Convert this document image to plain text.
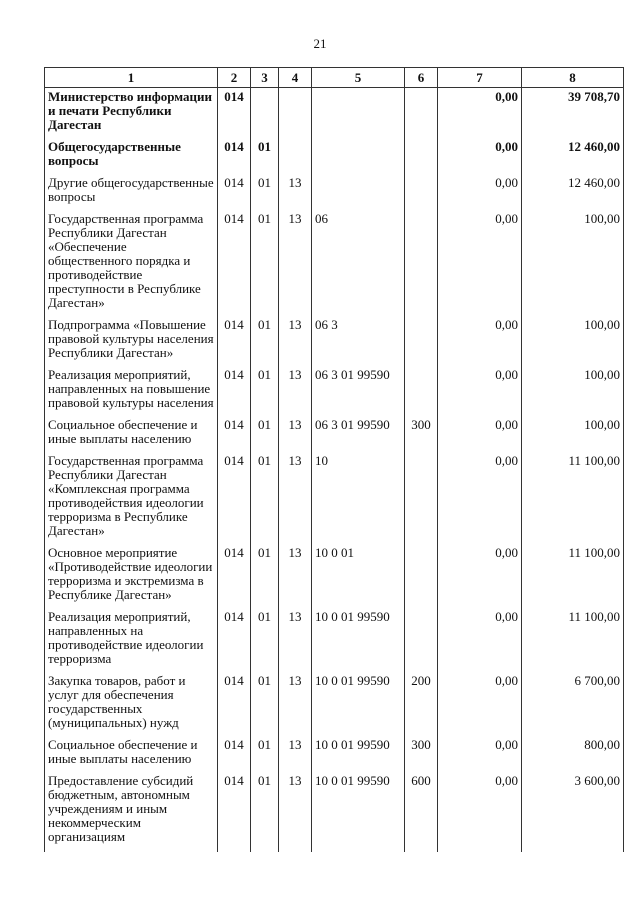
21
1	2	3	4	5	6	7	8
Министерство информации и печати Республики Дагестан	014					0,00	39 708,70
Общегосударственные вопросы	014	01				0,00	12 460,00
Другие общегосударственные вопросы	014	01	13			0,00	12 460,00
Государственная программа Республики Дагестан «Обеспечение общественного порядка и противодействие преступности в Республике Дагестан»	014	01	13	06		0,00	100,00
Подпрограмма «Повышение правовой культуры населения Республики Дагестан»	014	01	13	06 3		0,00	100,00
Реализация мероприятий, направленных на повышение правовой культуры населения	014	01	13	06 3 01 99590		0,00	100,00
Социальное обеспечение и иные выплаты населению	014	01	13	06 3 01 99590	300	0,00	100,00
Государственная программа Республики Дагестан «Комплексная программа противодействия идеологии терроризма в Республике Дагестан»	014	01	13	10		0,00	11 100,00
Основное мероприятие «Противодействие идеологии терроризма и экстремизма в Республике Дагестан»	014	01	13	10 0 01		0,00	11 100,00
Реализация мероприятий, направленных на противодействие идеологии терроризма	014	01	13	10 0 01 99590		0,00	11 100,00
Закупка товаров, работ и услуг для обеспечения государственных (муниципальных) нужд	014	01	13	10 0 01 99590	200	0,00	6 700,00
Социальное обеспечение и иные выплаты населению	014	01	13	10 0 01 99590	300	0,00	800,00
Предоставление субсидий бюджетным, автономным учреждениям и иным некоммерческим организациям	014	01	13	10 0 01 99590	600	0,00	3 600,00
